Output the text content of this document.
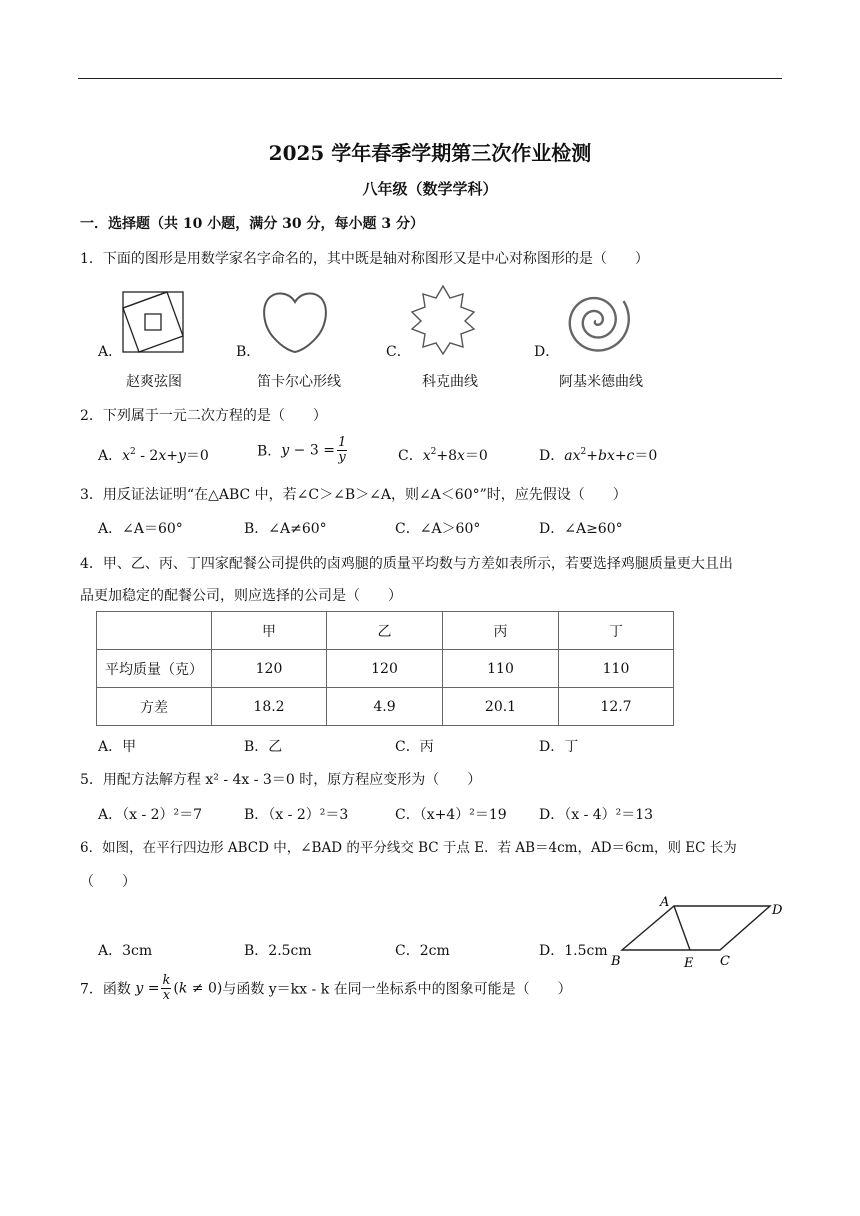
2025 学年春季学期第三次作业检测
八年级（数学学科）
一．选择题（共 10 小题，满分 30 分，每小题 3 分）
1．下面的图形是用数学家名字命名的，其中既是轴对称图形又是中心对称图形的是（　　）
A．
赵爽弦图
B．
笛卡尔心形线
C．
科克曲线
D．
阿基米德曲线
2．下列属于一元二次方程的是（　　）
A．$x^2 - 2x+y=0$	B．$y - 3 = \frac{1}{y}$	C．$x^2+8x=0$	D．$ax^2+bx+c=0$
3．用反证法证明“在△ABC 中，若∠C＞∠B＞∠A，则∠A＜60°”时，应先假设（　　）
A．∠A＝60°	B．∠A≠60°	C．∠A＞60°	D．∠A≥60°
4．甲、乙、丙、丁四家配餐公司提供的卤鸡腿的质量平均数与方差如表所示，若要选择鸡腿质量更大且出
品更加稳定的配餐公司，则应选择的公司是（　　）
	甲	乙	丙	丁
平均质量（克）	120	120	110	110
方差	18.2	4.9	20.1	12.7
A．甲	B．乙	C．丙	D．丁
5．用配方法解方程 x² - 4x - 3＝0 时，原方程应变形为（　　）
A．（x - 2）²＝7	B．（x - 2）²＝3	C．（x+4）²＝19 D．（x - 4）²＝13
6．如图，在平行四边形 ABCD 中，∠BAD 的平分线交 BC 于点 E．若 AB＝4cm，AD＝6cm，则 EC 长为
（　　）
A．3cm	B．2.5cm	C．2cm	D．1.5cm
A
D
B	E C
7．函数 $y = \frac{k}{x} (k \ne 0)$与函数 y＝kx - k 在同一坐标系中的图象可能是（　　）
